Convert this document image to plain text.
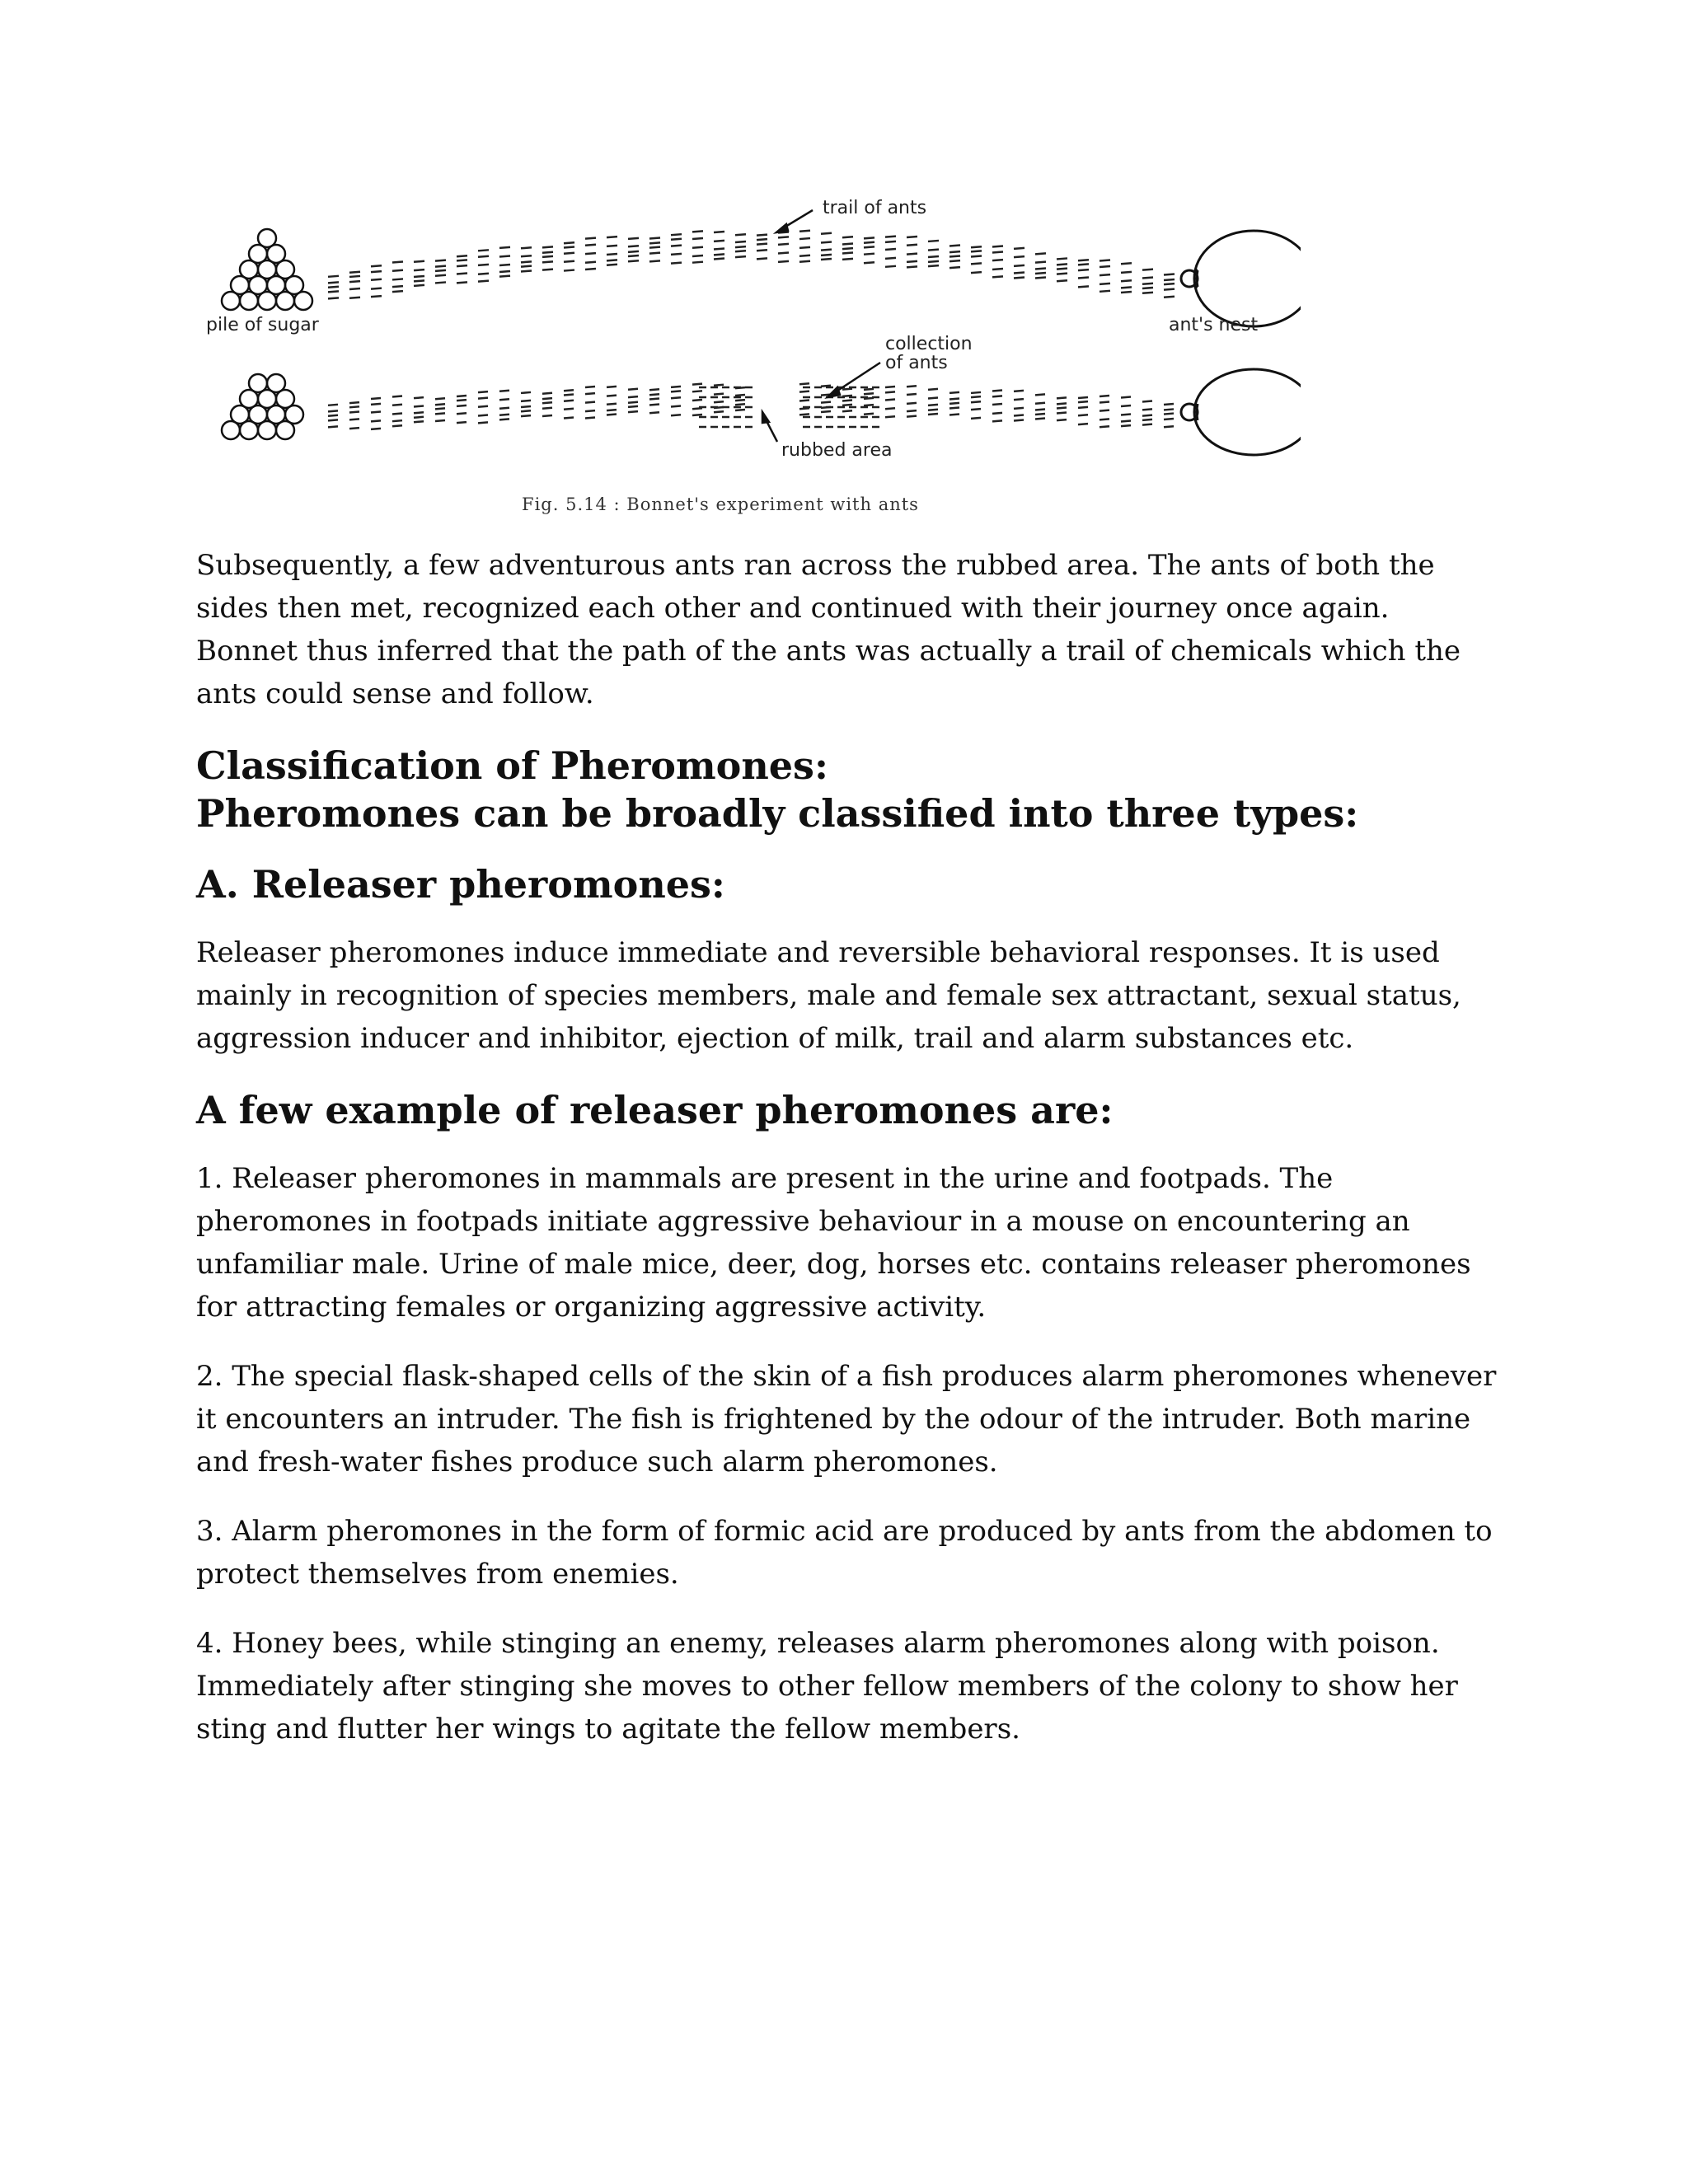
trail of ants
pile of sugar	ant's nest
collection
of ants
rubbed area
Fig. 5.14 : Bonnet's experiment with ants

Subsequently, a few adventurous ants ran across the rubbed area. The ants of both the sides then met, recognized each other and continued with their journey once again. Bonnet thus inferred that the path of the ants was actually a trail of chemicals which the ants could sense and follow.

Classification of Pheromones:
Pheromones can be broadly classified into three types:
A. Releaser pheromones:

Releaser pheromones induce immediate and reversible behavioral responses. It is used mainly in recognition of species members, male and female sex attractant, sexual status, aggression inducer and inhibitor, ejection of milk, trail and alarm substances etc.

A few example of releaser pheromones are:

1. Releaser pheromones in mammals are present in the urine and footpads. The pheromones in footpads initiate aggressive behaviour in a mouse on encountering an unfamiliar male. Urine of male mice, deer, dog, horses etc. contains releaser pheromones for attracting females or organizing aggressive activity.

2. The special flask-shaped cells of the skin of a fish produces alarm pheromones whenever it encounters an intruder. The fish is frightened by the odour of the intruder. Both marine and fresh-water fishes produce such alarm pheromones.

3. Alarm pheromones in the form of formic acid are produced by ants from the abdomen to protect themselves from enemies.

4. Honey bees, while stinging an enemy, releases alarm pheromones along with poison. Immediately after stinging she moves to other fellow members of the colony to show her sting and flutter her wings to agitate the fellow members.
